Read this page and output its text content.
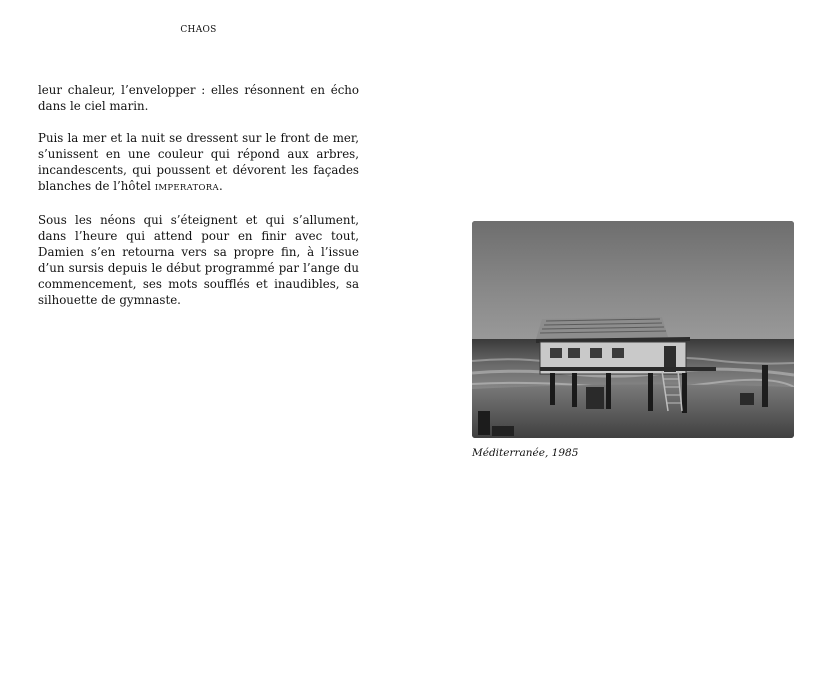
CHAOS

leur chaleur, l’envelopper : elles résonnent en écho dans le ciel marin.

Puis la mer et la nuit se dressent sur le front de mer, s’unissent en une couleur qui répond aux arbres, incandescents, qui poussent et dévorent les façades blanches de l’hôtel IMPERATORA.

Sous les néons qui s’éteignent et qui s’allument, dans l’heure qui attend pour en finir avec tout, Damien s’en retourna vers sa propre fin, à l’issue d’un sursis depuis le début programmé par l’ange du commencement, ses mots soufflés et inaudibles, sa silhouette de gymnaste.

Méditerranée, 1985
